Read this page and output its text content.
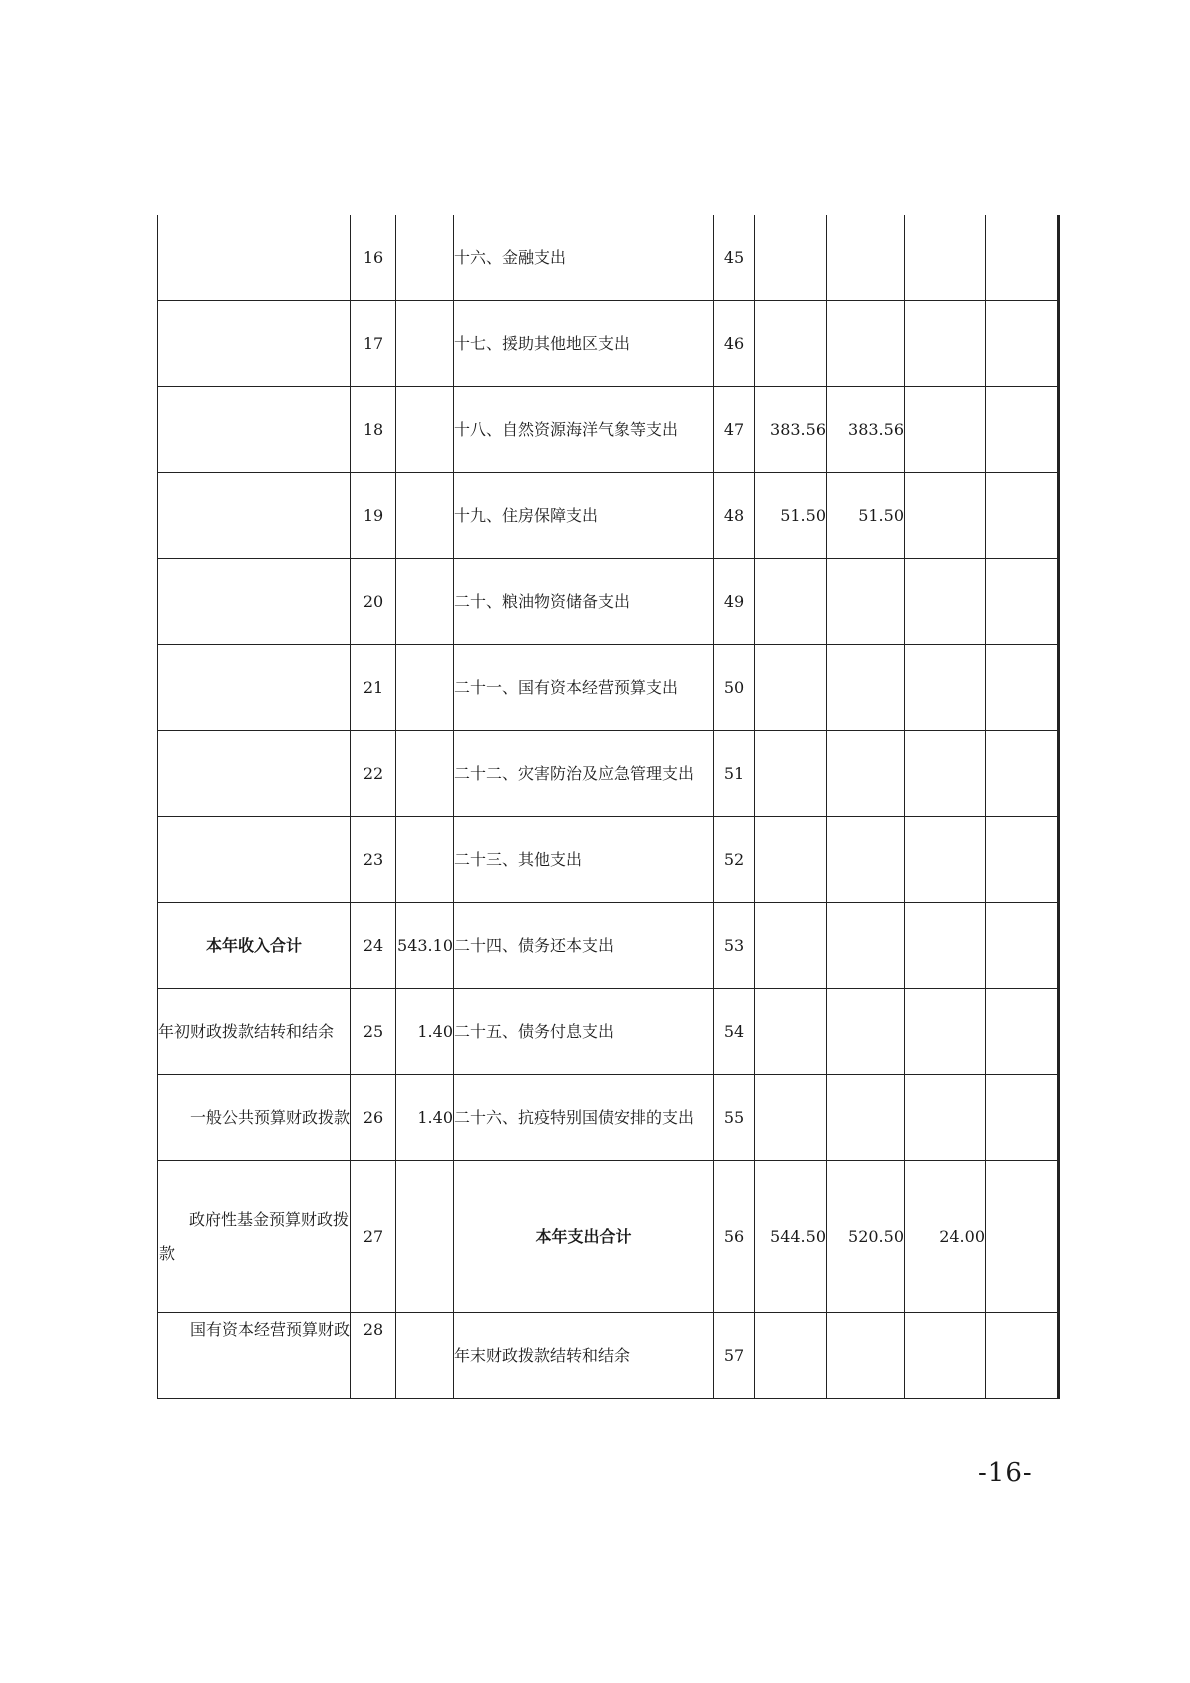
	16		十六、金融支出	45				
	17		十七、援助其他地区支出	46				
	18		十八、自然资源海洋气象等支出	47	383.56	383.56		
	19		十九、住房保障支出	48	51.50	51.50		
	20		二十、粮油物资储备支出	49				
	21		二十一、国有资本经营预算支出	50				
	22		二十二、灾害防治及应急管理支出	51				
	23		二十三、其他支出	52				
本年收入合计	24	543.10	二十四、债务还本支出	53				
年初财政拨款结转和结余	25	1.40	二十五、债务付息支出	54				
一般公共预算财政拨款	26	1.40	二十六、抗疫特别国债安排的支出	55				

政府性基金预算财政拨
款	27		本年支出合计	56	544.50	520.50	24.00	
国有资本经营预算财政	28		年末财政拨款结转和结余	57				
-16-
